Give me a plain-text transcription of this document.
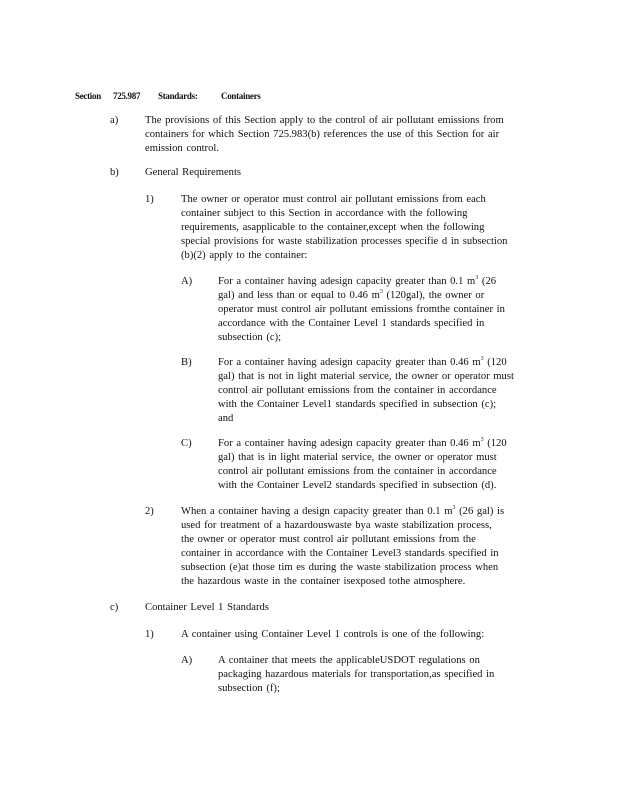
Section 725.987 Standards:	Containers
a)	The provisions of this Section apply to the control of air pollutant emissions from
containers for which Section 725.983(b) references the use of this Section for air
emission control.
b) General Requirements
1)	The owner or operator must control air pollutant emissions from each
container subject to this Section in accordance with the following
requirements, asapplicable to the container,except when the following
special provisions for waste stabilization processes specifie d in subsection
(b)(2) apply to the container:
A) For a container having adesign capacity greater than 0.1 $m^3$ (26
gal) and less than or equal to 0.46 $m^3$ (120gal), the owner or
operator must control air pollutant emissions fromthe container in
accordance with the Container Level 1 standards specified in
subsection (c);
B) For a container having adesign capacity greater than 0.46 $m^3$ (120
gal) that is not in light material service, the owner or operator must
control air pollutant emissions from the container in accordance
with the Container Level1 standards specified in subsection (c);
and
C) For a container having adesign capacity greater than 0.46 $m^3$ (120
gal) that is in light material service, the owner or operator must
control air pollutant emissions from the container in accordance
with the Container Level2 standards specified in subsection (d).
2)	When a container having a design capacity greater than 0.1 $m^3$ (26 gal) is
used for treatment of a hazardouswaste bya waste stabilization process,
the owner or operator must control air pollutant emissions from the
container in accordance with the Container Level3 standards specified in
subsection (e)at those tim es during the waste stabilization process when
the hazardous waste in the container isexposed tothe atmosphere.
c)	Container Level 1 Standards
1)	A container using Container Level 1 controls is one of the following:
A) A container that meets the applicableUSDOT regulations on
packaging hazardous materials for transportation,as specified in
subsection (f);
